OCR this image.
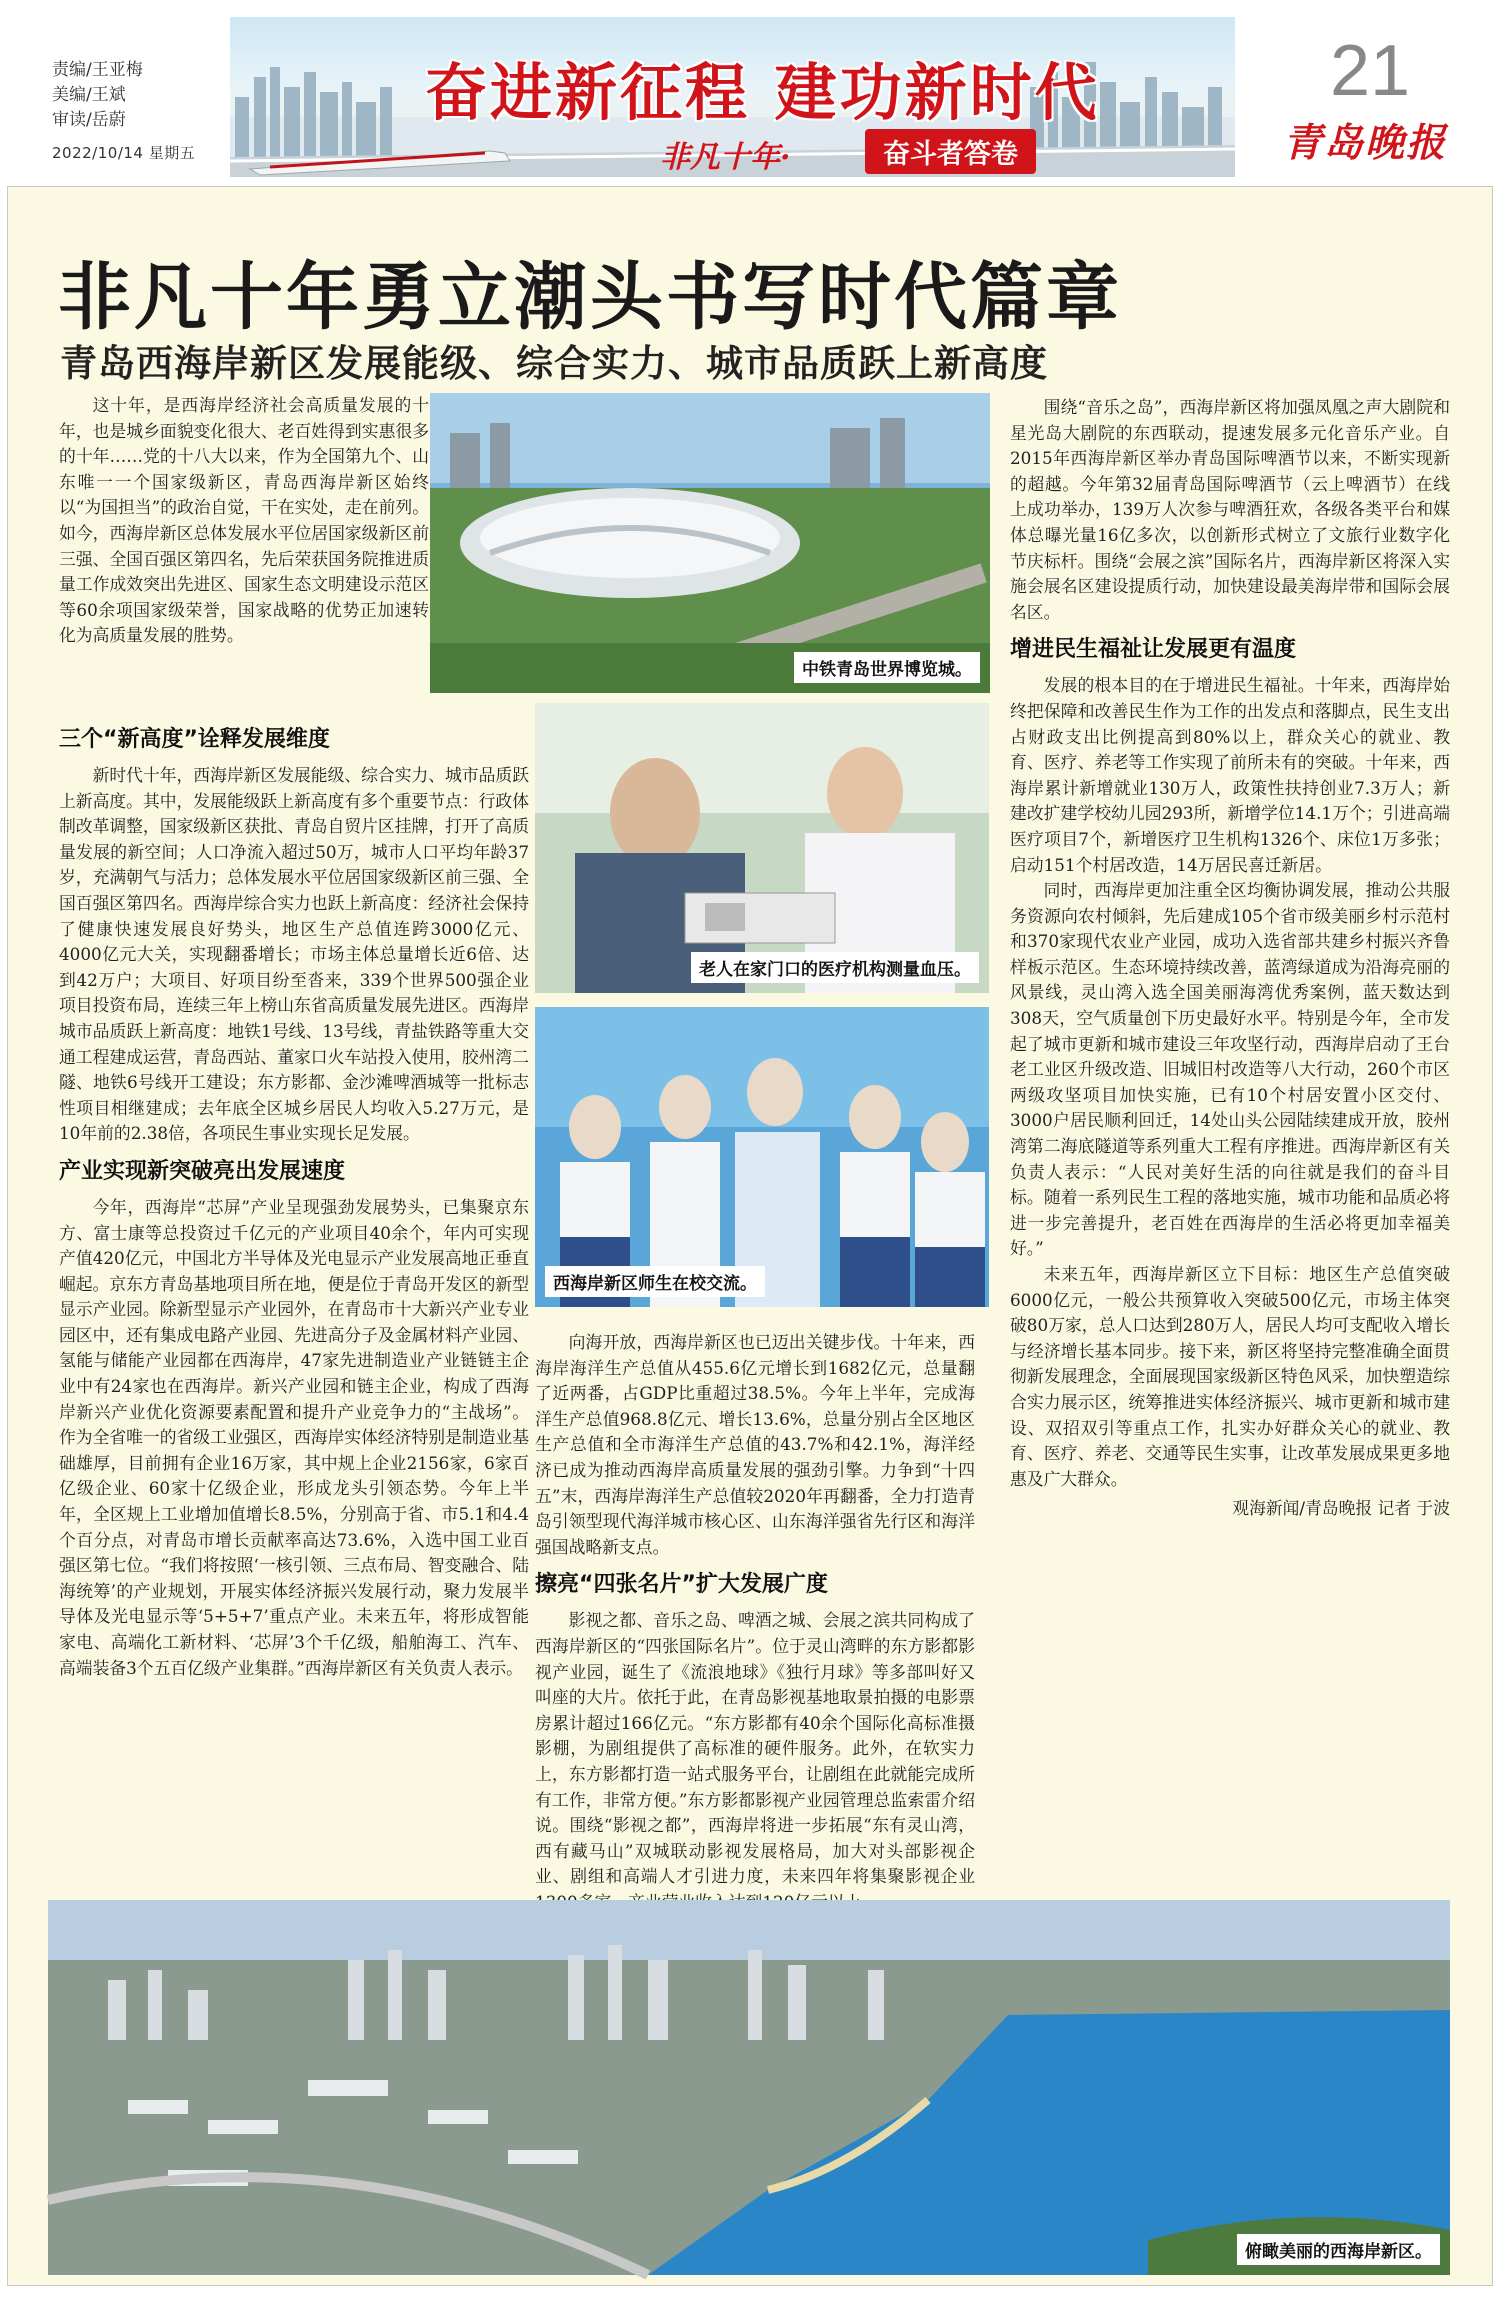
责编/王亚梅
美编/王斌
审读/岳蔚
2022/10/14 星期五
奋进新征程 建功新时代
非凡十年·	奋斗者答卷
21
青岛晚报
非凡十年勇立潮头书写时代篇章
青岛西海岸新区发展能级、综合实力、城市品质跃上新高度

这十年，是西海岸经济社会高质量发展的十年，也是城乡面貌变化很大、老百姓得到实惠很多的十年……党的十八大以来，作为全国第九个、山东唯一一个国家级新区，青岛西海岸新区始终以“为国担当”的政治自觉，干在实处，走在前列。如今，西海岸新区总体发展水平位居国家级新区前三强、全国百强区第四名，先后荣获国务院推进质量工作成效突出先进区、国家生态文明建设示范区等60余项国家级荣誉，国家战略的优势正加速转化为高质量发展的胜势。

三个“新高度”诠释发展维度

新时代十年，西海岸新区发展能级、综合实力、城市品质跃上新高度。其中，发展能级跃上新高度有多个重要节点：行政体制改革调整，国家级新区获批、青岛自贸片区挂牌，打开了高质量发展的新空间；人口净流入超过50万，城市人口平均年龄37岁，充满朝气与活力；总体发展水平位居国家级新区前三强、全国百强区第四名。西海岸综合实力也跃上新高度：经济社会保持了健康快速发展良好势头，地区生产总值连跨3000亿元、4000亿元大关，实现翻番增长；市场主体总量增长近6倍、达到42万户；大项目、好项目纷至沓来，339个世界500强企业项目投资布局，连续三年上榜山东省高质量发展先进区。西海岸城市品质跃上新高度：地铁1号线、13号线，青盐铁路等重大交通工程建成运营，青岛西站、董家口火车站投入使用，胶州湾二隧、地铁6号线开工建设；东方影都、金沙滩啤酒城等一批标志性项目相继建成；去年底全区城乡居民人均收入5.27万元，是10年前的2.38倍，各项民生事业实现长足发展。

产业实现新突破亮出发展速度

今年，西海岸“芯屏”产业呈现强劲发展势头，已集聚京东方、富士康等总投资过千亿元的产业项目40余个，年内可实现产值420亿元，中国北方半导体及光电显示产业发展高地正垂直崛起。京东方青岛基地项目所在地，便是位于青岛开发区的新型显示产业园。除新型显示产业园外，在青岛市十大新兴产业专业园区中，还有集成电路产业园、先进高分子及金属材料产业园、氢能与储能产业园都在西海岸，47家先进制造业产业链链主企业中有24家也在西海岸。新兴产业园和链主企业，构成了西海岸新兴产业优化资源要素配置和提升产业竞争力的“主战场”。作为全省唯一的省级工业强区，西海岸实体经济特别是制造业基础雄厚，目前拥有企业16万家，其中规上企业2156家，6家百亿级企业、60家十亿级企业，形成龙头引领态势。今年上半年，全区规上工业增加值增长8.5%，分别高于省、市5.1和4.4个百分点，对青岛市增长贡献率高达73.6%，入选中国工业百强区第七位。“我们将按照‘一核引领、三点布局、智变融合、陆海统筹’的产业规划，开展实体经济振兴发展行动，聚力发展半导体及光电显示等‘5+5+7’重点产业。未来五年，将形成智能家电、高端化工新材料、‘芯屏’3个千亿级，船舶海工、汽车、高端装备3个五百亿级产业集群。”西海岸新区有关负责人表示。

向海开放，西海岸新区也已迈出关键步伐。十年来，西海岸海洋生产总值从455.6亿元增长到1682亿元，总量翻了近两番，占GDP比重超过38.5%。今年上半年，完成海洋生产总值968.8亿元、增长13.6%，总量分别占全区地区生产总值和全市海洋生产总值的43.7%和42.1%，海洋经济已成为推动西海岸高质量发展的强劲引擎。力争到“十四五”末，西海岸海洋生产总值较2020年再翻番，全力打造青岛引领型现代海洋城市核心区、山东海洋强省先行区和海洋强国战略新支点。

擦亮“四张名片”扩大发展广度

影视之都、音乐之岛、啤酒之城、会展之滨共同构成了西海岸新区的“四张国际名片”。位于灵山湾畔的东方影都影视产业园，诞生了《流浪地球》《独行月球》等多部叫好又叫座的大片。依托于此，在青岛影视基地取景拍摄的电影票房累计超过166亿元。“东方影都有40余个国际化高标准摄影棚，为剧组提供了高标准的硬件服务。此外，在软实力上，东方影都打造一站式服务平台，让剧组在此就能完成所有工作，非常方便。”东方影都影视产业园管理总监索雷介绍说。围绕“影视之都”，西海岸将进一步拓展“东有灵山湾，西有藏马山”双城联动影视发展格局，加大对头部影视企业、剧组和高端人才引进力度，未来四年将集聚影视企业

围绕“音乐之岛”，西海岸新区将加强凤凰之声大剧院和星光岛大剧院的东西联动，提速发展多元化音乐产业。自2015年西海岸新区举办青岛国际啤酒节以来，不断实现新的超越。今年第32届青岛国际啤酒节（云上啤酒节）在线上成功举办，139万人次参与啤酒狂欢，各级各类平台和媒体总曝光量16亿多次，以创新形式树立了文旅行业数字化节庆标杆。围绕“会展之滨”国际名片，西海岸新区将深入实施会展名区建设提质行动，加快建设最美海岸带和国际会展名区。

增进民生福祉让发展更有温度

发展的根本目的在于增进民生福祉。十年来，西海岸始终把保障和改善民生作为工作的出发点和落脚点，民生支出占财政支出比例提高到80%以上，群众关心的就业、教育、医疗、养老等工作实现了前所未有的突破。十年来，西海岸累计新增就业130万人，政策性扶持创业7.3万人；新建改扩建学校幼儿园293所，新增学位14.1万个；引进高端医疗项目7个，新增医疗卫生机构1326个、床位1万多张；启动151个村居改造，14万居民喜迁新居。

同时，西海岸更加注重全区均衡协调发展，推动公共服务资源向农村倾斜，先后建成105个省市级美丽乡村示范村和370家现代农业产业园，成功入选省部共建乡村振兴齐鲁样板示范区。生态环境持续改善，蓝湾绿道成为沿海亮丽的风景线，灵山湾入选全国美丽海湾优秀案例，蓝天数达到308天，空气质量创下历史最好水平。特别是今年，全市发起了城市更新和城市建设三年攻坚行动，西海岸启动了王台老工业区升级改造、旧城旧村改造等八大行动，260个市区两级攻坚项目加快实施，已有10个村居安置小区交付、3000户居民顺利回迁，14处山头公园陆续建成开放，胶州湾第二海底隧道等系列重大工程有序推进。西海岸新区有关负责人表示：“人民对美好生活的向往就是我们的奋斗目标。随着一系列民生工程的落地实施，城市功能和品质必将进一步完善提升，老百姓在西海岸的生活必将更加幸福美好。”

未来五年，西海岸新区立下目标：地区生产总值突破6000亿元，一般公共预算收入突破500亿元，市场主体突破80万家，总人口达到280万人，居民人均可支配收入增长与经济增长基本同步。接下来，新区将坚持完整准确全面贯彻新发展理念，全面展现国家级新区特色风采，加快塑造综合实力展示区，统筹推进实体经济振兴、城市更新和城市建设、双招双引等重点工作，扎实办好群众关心的就业、教育、医疗、养老、交通等民生实事，让改革发展成果更多地惠及广大群众。

观海新闻/青岛晚报 记者 于波

中铁青岛世界博览城。
老人在家门口的医疗机构测量血压。
西海岸新区师生在校交流。
俯瞰美丽的西海岸新区。
